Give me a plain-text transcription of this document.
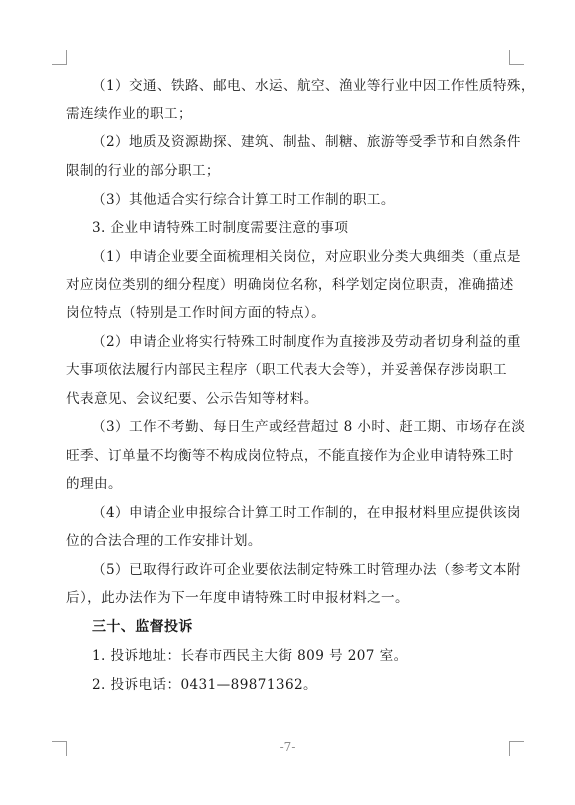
（1）交通、铁路、邮电、水运、航空、渔业等行业中因工作性质特殊，
需连续作业的职工；
（2）地质及资源勘探、建筑、制盐、制糖、旅游等受季节和自然条件
限制的行业的部分职工；
（3）其他适合实行综合计算工时工作制的职工。
3. 企业申请特殊工时制度需要注意的事项
（1）申请企业要全面梳理相关岗位，对应职业分类大典细类（重点是
对应岗位类别的细分程度）明确岗位名称，科学划定岗位职责，准确描述
岗位特点（特别是工作时间方面的特点）。
（2）申请企业将实行特殊工时制度作为直接涉及劳动者切身利益的重
大事项依法履行内部民主程序（职工代表大会等），并妥善保存涉岗职工
代表意见、会议纪要、公示告知等材料。
（3）工作不考勤、每日生产或经营超过 8 小时、赶工期、市场存在淡
旺季、订单量不均衡等不构成岗位特点，不能直接作为企业申请特殊工时
的理由。
（4）申请企业申报综合计算工时工作制的，在申报材料里应提供该岗
位的合法合理的工作安排计划。
（5）已取得行政许可企业要依法制定特殊工时管理办法（参考文本附
后），此办法作为下一年度申请特殊工时申报材料之一。
三十、监督投诉
1. 投诉地址：长春市西民主大街 809 号 207 室。
2. 投诉电话：0431—89871362。
-7-
